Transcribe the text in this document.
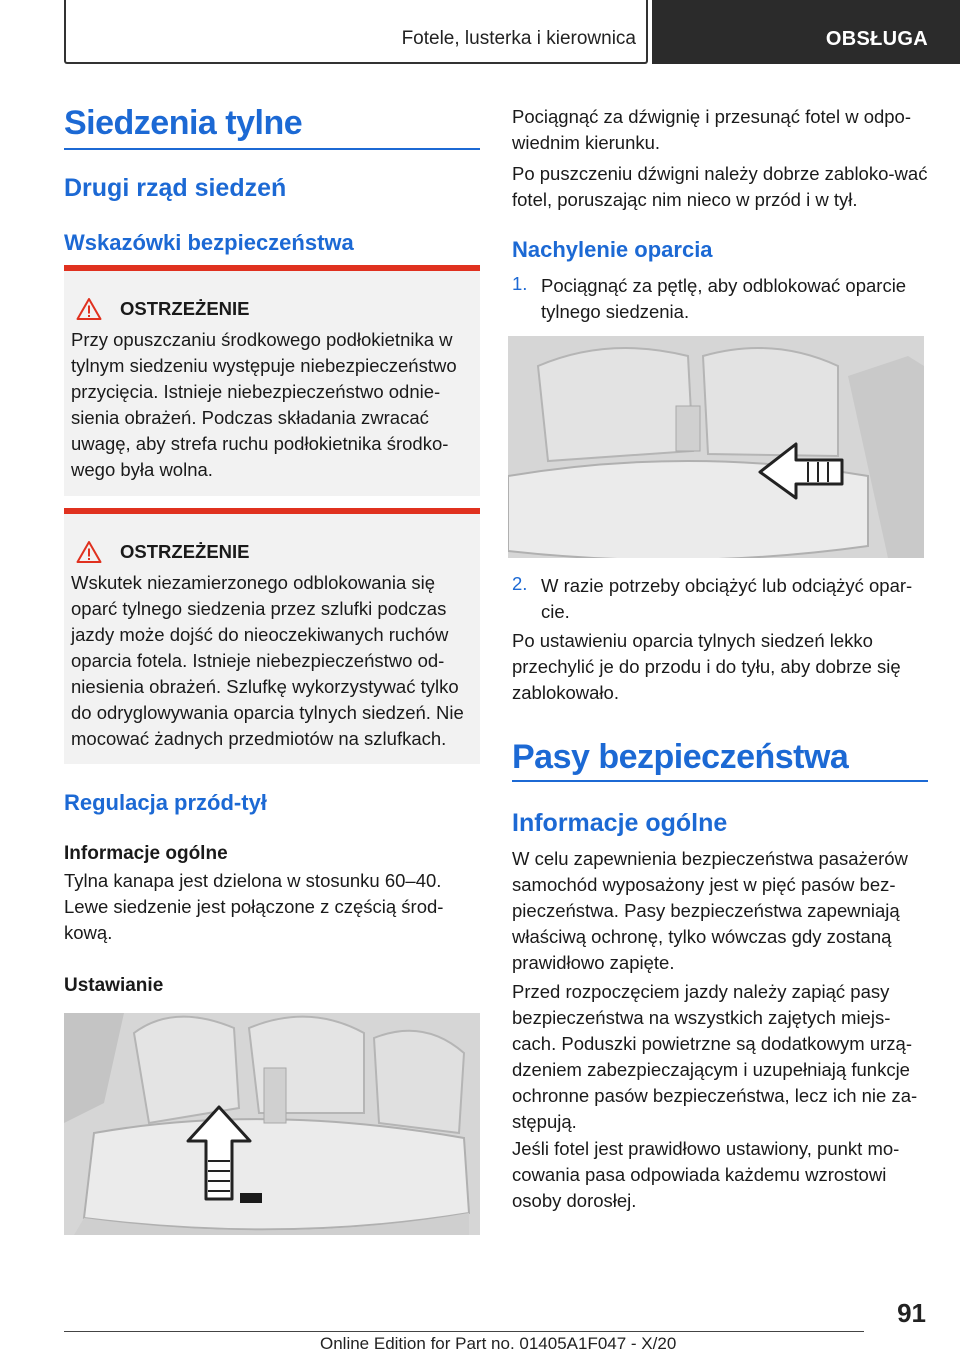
Fotele, lusterka i kierownica	OBSŁUGA
Siedzenia tylne
Drugi rząd siedzeń
Wskazówki bezpieczeństwa
OSTRZEŻENIE

Przy opuszczaniu środkowego podłokietnika w tylnym siedzeniu występuje niebezpieczeństwo przycięcia. Istnieje niebezpieczeństwo odnie-sienia obrażeń. Podczas składania zwracać uwagę, aby strefa ruchu podłokietnika środko-wego była wolna.

OSTRZEŻENIE

Wskutek niezamierzonego odblokowania się oparć tylnego siedzenia przez szlufki podczas jazdy może dojść do nieoczekiwanych ruchów oparcia fotela. Istnieje niebezpieczeństwo od-niesienia obrażeń. Szlufkę wykorzystywać tylko do odryglowywania oparcia tylnych siedzeń. Nie mocować żadnych przedmiotów na szlufkach.

Regulacja przód-tył
Informacje ogólne

Tylna kanapa jest dzielona w stosunku 60–40. Lewe siedzenie jest połączone z częścią środ-kową.

Ustawianie

Pociągnąć za dźwignię i przesunąć fotel w odpo-wiednim kierunku.

Po puszczeniu dźwigni należy dobrze zabloko-wać fotel, poruszając nim nieco w przód i w tył.

Nachylenie oparcia
1. Pociągnąć za pętlę, aby odblokować oparcie tylnego siedzenia.

2. W razie potrzeby obciążyć lub odciążyć opar-cie.

Po ustawieniu oparcia tylnych siedzeń lekko przechylić je do przodu i do tyłu, aby dobrze się zablokowało.

Pasy bezpieczeństwa
Informacje ogólne

W celu zapewnienia bezpieczeństwa pasażerów samochód wyposażony jest w pięć pasów bez-pieczeństwa. Pasy bezpieczeństwa zapewniają właściwą ochronę, tylko wówczas gdy zostaną prawidłowo zapięte.

Przed rozpoczęciem jazdy należy zapiąć pasy bezpieczeństwa na wszystkich zajętych miejs-cach. Poduszki powietrzne są dodatkowym urzą-dzeniem zabezpieczającym i uzupełniają funkcje ochronne pasów bezpieczeństwa, lecz ich nie za-stępują.

Jeśli fotel jest prawidłowo ustawiony, punkt mo-cowania pasa odpowiada każdemu wzrostowi osoby dorosłej.

91
Online Edition for Part no. 01405A1F047 - X/20
